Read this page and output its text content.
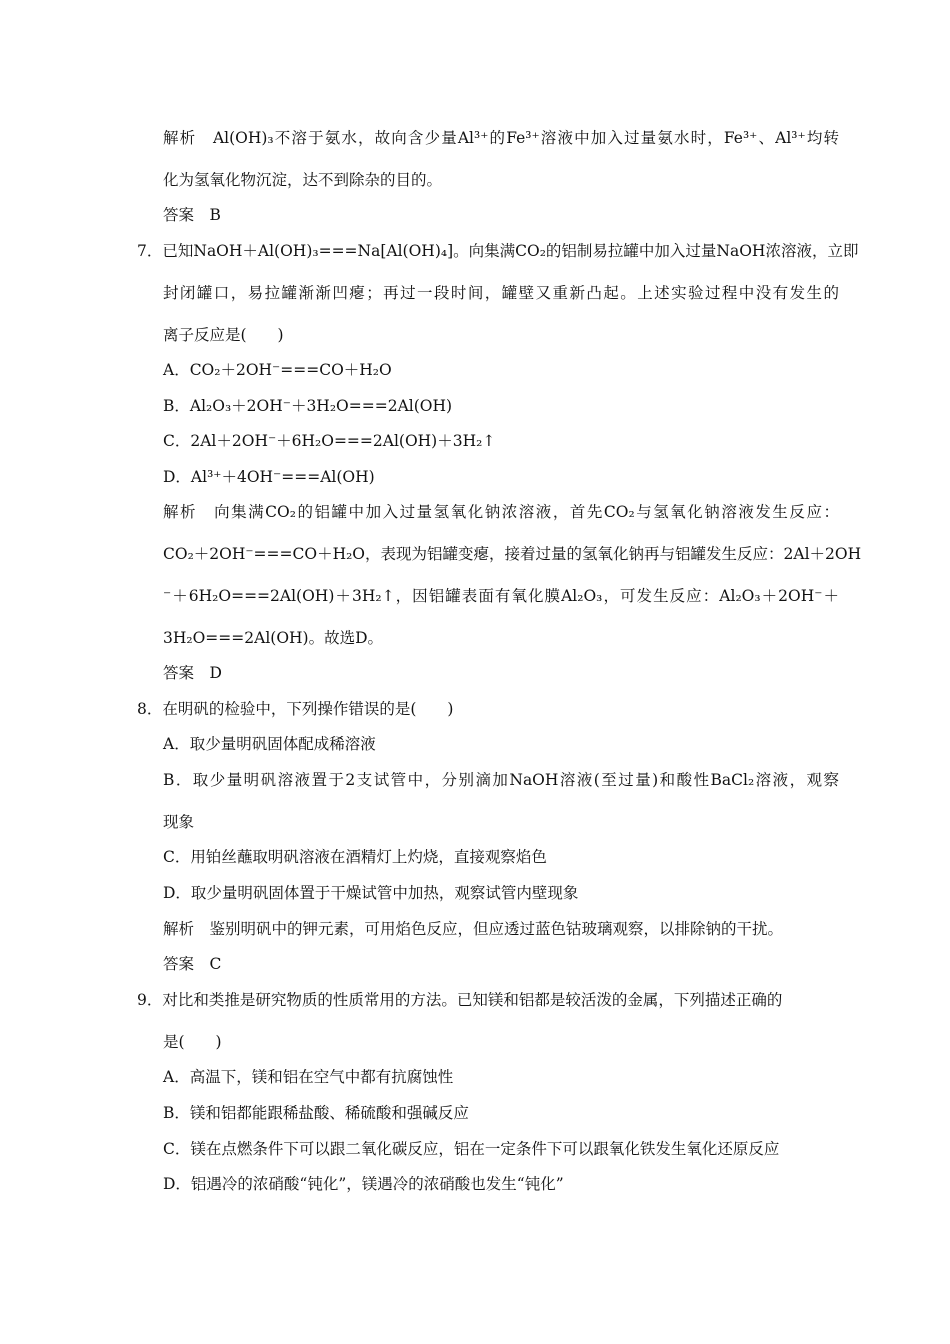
解析　 Al(OH)₃不溶于氨水，故向含少量Al³⁺的Fe³⁺溶液中加入过量氨水时，Fe³⁺、Al³⁺均转
化为氢氧化物沉淀，达不到除杂的目的。
答案　 B
7．已知NaOH＋Al(OH)₃===Na[Al(OH)₄]。向集满CO₂的铝制易拉罐中加入过量NaOH浓溶液，立即
封闭罐口，易拉罐渐渐凹瘪；再过一段时间，罐壁又重新凸起。上述实验过程中没有发生的
离子反应是(　　)
A．CO₂＋2OH⁻===CO＋H₂O
B．Al₂O₃＋2OH⁻＋3H₂O===2Al(OH)
C．2Al＋2OH⁻＋6H₂O===2Al(OH)＋3H₂↑
D．Al³⁺＋4OH⁻===Al(OH)
解析　 向集满CO₂的铝罐中加入过量氢氧化钠浓溶液，首先CO₂与氢氧化钠溶液发生反应：
CO₂＋2OH⁻===CO＋H₂O，表现为铝罐变瘪，接着过量的氢氧化钠再与铝罐发生反应：2Al＋2OH
⁻＋6H₂O===2Al(OH)＋3H₂↑，因铝罐表面有氧化膜Al₂O₃，可发生反应：Al₂O₃＋2OH⁻＋
3H₂O===2Al(OH)。故选D。
答案　 D
8．在明矾的检验中，下列操作错误的是(　　)
A．取少量明矾固体配成稀溶液
B．取少量明矾溶液置于2支试管中，分别滴加NaOH溶液(至过量)和酸性BaCl₂溶液，观察
现象
C．用铂丝蘸取明矾溶液在酒精灯上灼烧，直接观察焰色
D．取少量明矾固体置于干燥试管中加热，观察试管内壁现象
解析　 鉴别明矾中的钾元素，可用焰色反应，但应透过蓝色钴玻璃观察，以排除钠的干扰。
答案　 C
9．对比和类推是研究物质的性质常用的方法。已知镁和铝都是较活泼的金属，下列描述正确的
是(　　)
A．高温下，镁和铝在空气中都有抗腐蚀性
B．镁和铝都能跟稀盐酸、稀硫酸和强碱反应
C．镁在点燃条件下可以跟二氧化碳反应，铝在一定条件下可以跟氧化铁发生氧化还原反应
D．铝遇冷的浓硝酸“钝化”，镁遇冷的浓硝酸也发生“钝化”
